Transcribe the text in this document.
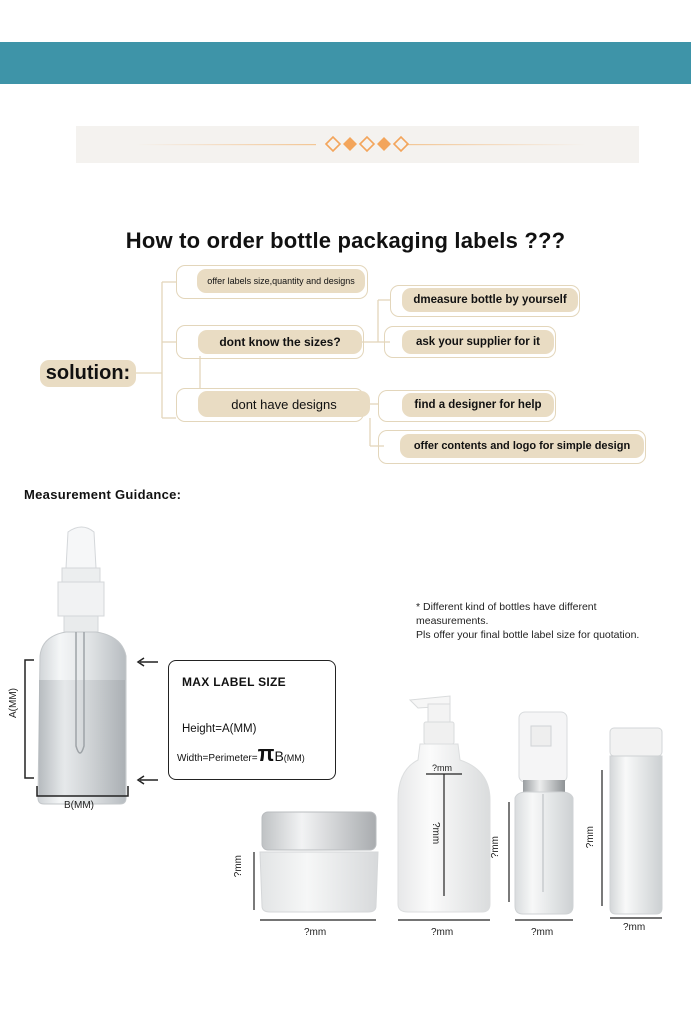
How to order bottle packaging labels ???
solution:
offer labels size,quantity and designs
dont know the sizes?
dmeasure bottle by yourself
ask your supplier for it
dont have designs	find a designer for help
offer contents and logo for simple design
Measurement Guidance:
A(MM)
B(MM)
MAX LABEL SIZE
Height=A(MM)
Width=Perimeter= π B (MM)
* Different kind of bottles have different
measurements.
Pls offer your final bottle label size for quotation.
?mm
?mm
?mm
?mm
?mm
?mm
?mm
?mm
?mm
